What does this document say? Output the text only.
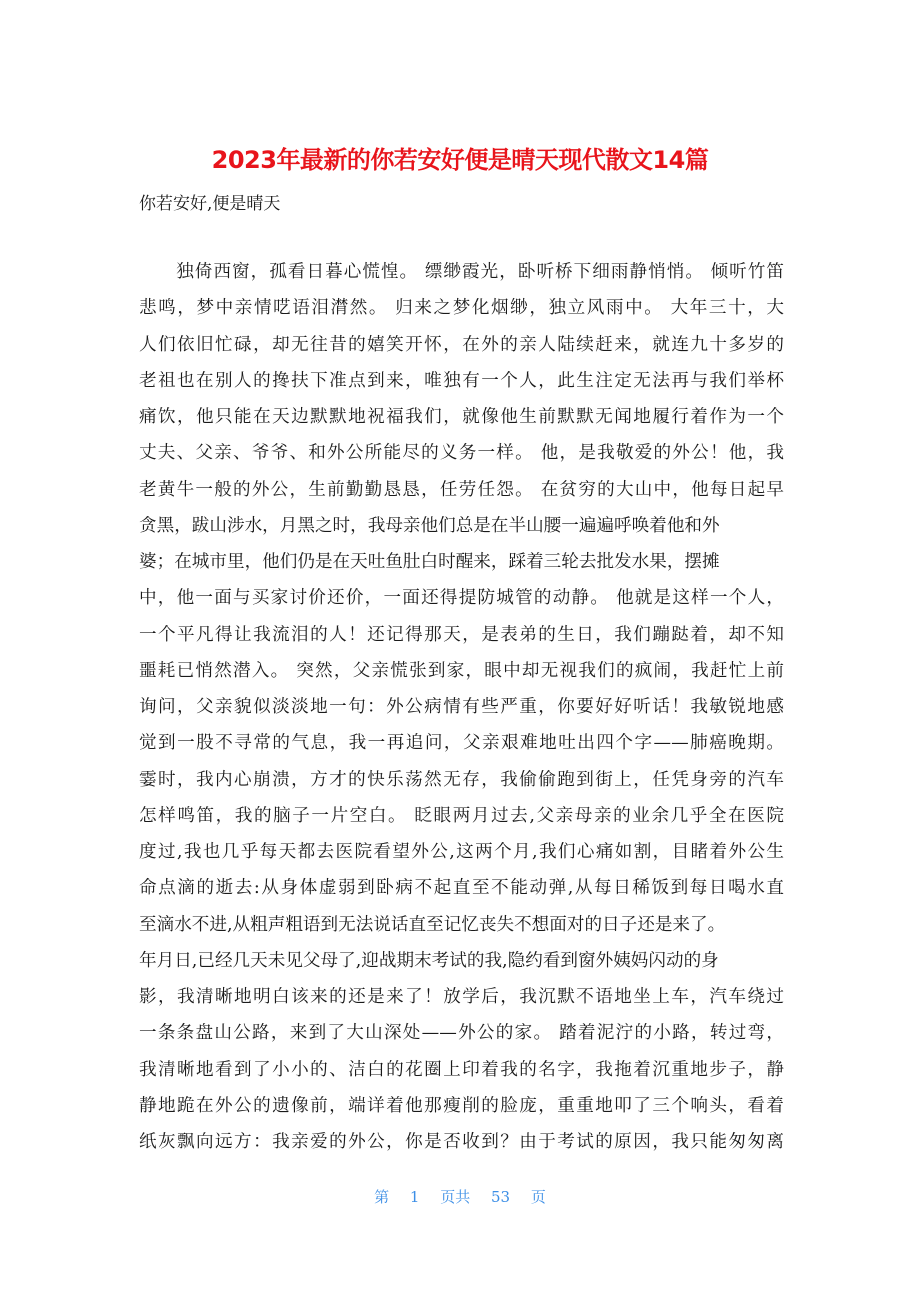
2023年最新的你若安好便是晴天现代散文14篇
你若安好,便是晴天
　　独倚西窗，孤看日暮心慌惶。 缥缈霞光，卧听桥下细雨静悄悄。 倾听竹笛
悲鸣，梦中亲情呓语泪潸然。 归来之梦化烟缈，独立风雨中。 大年三十，大
人们依旧忙碌，却无往昔的嬉笑开怀，在外的亲人陆续赶来，就连九十多岁的
老祖也在别人的搀扶下准点到来，唯独有一个人，此生注定无法再与我们举杯
痛饮，他只能在天边默默地祝福我们，就像他生前默默无闻地履行着作为一个
丈夫、父亲、爷爷、和外公所能尽的义务一样。 他，是我敬爱的外公！他，我
老黄牛一般的外公，生前勤勤恳恳，任劳任怨。 在贫穷的大山中，他每日起早
贪黑，跋山涉水，月黑之时，我母亲他们总是在半山腰一遍遍呼唤着他和外
婆；在城市里，他们仍是在天吐鱼肚白时醒来，踩着三轮去批发水果，摆摊
中，他一面与买家讨价还价，一面还得提防城管的动静。 他就是这样一个人，
一个平凡得让我流泪的人！还记得那天，是表弟的生日，我们蹦跶着，却不知
噩耗已悄然潜入。 突然，父亲慌张到家，眼中却无视我们的疯闹，我赶忙上前
询问，父亲貌似淡淡地一句：外公病情有些严重，你要好好听话！我敏锐地感
觉到一股不寻常的气息，我一再追问，父亲艰难地吐出四个字——肺癌晚期。
霎时，我内心崩溃，方才的快乐荡然无存，我偷偷跑到街上，任凭身旁的汽车
怎样鸣笛，我的脑子一片空白。 眨眼两月过去,父亲母亲的业余几乎全在医院
度过,我也几乎每天都去医院看望外公,这两个月,我们心痛如割，目睹着外公生
命点滴的逝去:从身体虚弱到卧病不起直至不能动弹,从每日稀饭到每日喝水直
至滴水不进,从粗声粗语到无法说话直至记忆丧失不想面对的日子还是来了。
年月日,已经几天未见父母了,迎战期末考试的我,隐约看到窗外姨妈闪动的身
影，我清晰地明白该来的还是来了！放学后，我沉默不语地坐上车，汽车绕过
一条条盘山公路，来到了大山深处——外公的家。 踏着泥泞的小路，转过弯，
我清晰地看到了小小的、洁白的花圈上印着我的名字，我拖着沉重地步子，静
静地跪在外公的遗像前，端详着他那瘦削的脸庞，重重地叩了三个响头，看着
纸灰飘向远方：我亲爱的外公，你是否收到？由于考试的原因，我只能匆匆离
第 1 页共 53 页
